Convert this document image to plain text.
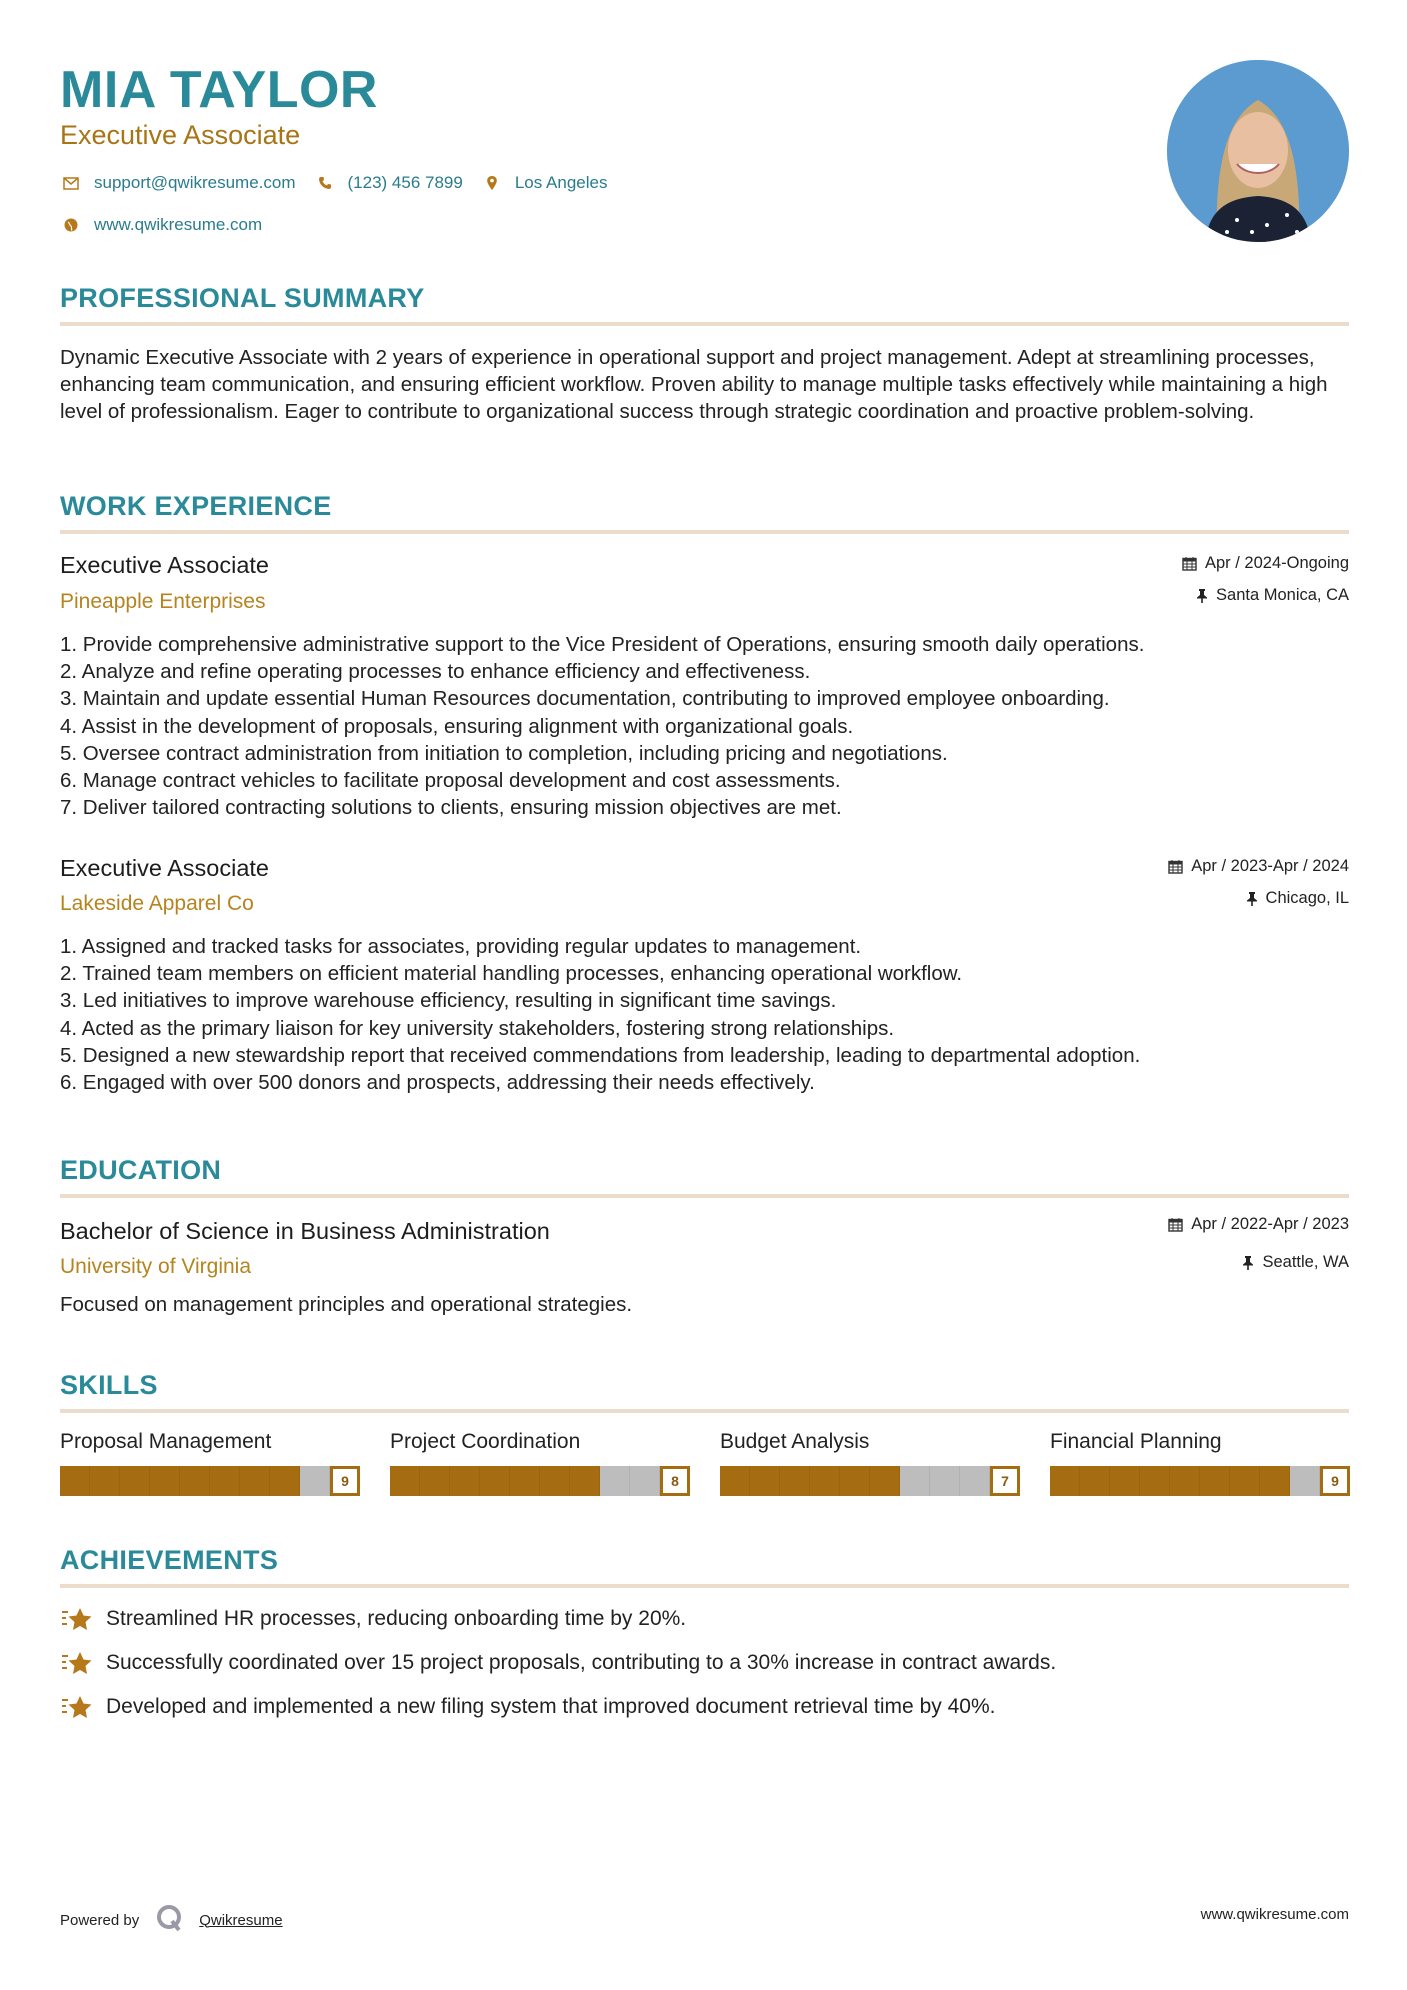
MIA TAYLOR
Executive Associate
support@qwikresume.com	(123) 456 7899	Los Angeles
www.qwikresume.com
PROFESSIONAL SUMMARY
Dynamic Executive Associate with 2 years of experience in operational support and project management. Adept at streamlining processes, enhancing team communication, and ensuring efficient workflow. Proven ability to manage multiple tasks effectively while maintaining a high level of professionalism. Eager to contribute to organizational success through strategic coordination and proactive problem-solving.
WORK EXPERIENCE
Executive Associate
Pineapple Enterprises
Apr / 2024-Ongoing
Santa Monica, CA
1. Provide comprehensive administrative support to the Vice President of Operations, ensuring smooth daily operations.
2. Analyze and refine operating processes to enhance efficiency and effectiveness.
3. Maintain and update essential Human Resources documentation, contributing to improved employee onboarding.
4. Assist in the development of proposals, ensuring alignment with organizational goals.
5. Oversee contract administration from initiation to completion, including pricing and negotiations.
6. Manage contract vehicles to facilitate proposal development and cost assessments.
7. Deliver tailored contracting solutions to clients, ensuring mission objectives are met.
Executive Associate
Lakeside Apparel Co
Apr / 2023-Apr / 2024
Chicago, IL
1. Assigned and tracked tasks for associates, providing regular updates to management.
2. Trained team members on efficient material handling processes, enhancing operational workflow.
3. Led initiatives to improve warehouse efficiency, resulting in significant time savings.
4. Acted as the primary liaison for key university stakeholders, fostering strong relationships.
5. Designed a new stewardship report that received commendations from leadership, leading to departmental adoption.
6. Engaged with over 500 donors and prospects, addressing their needs effectively.
EDUCATION
Bachelor of Science in Business Administration
University of Virginia
Apr / 2022-Apr / 2023
Seattle, WA
Focused on management principles and operational strategies.
SKILLS
Proposal Management
9
Project Coordination
8
Budget Analysis
7
Financial Planning
9
ACHIEVEMENTS
Streamlined HR processes, reducing onboarding time by 20%.
Successfully coordinated over 15 project proposals, contributing to a 30% increase in contract awards.
Developed and implemented a new filing system that improved document retrieval time by 40%.
Powered by	Qwikresume	www.qwikresume.com
